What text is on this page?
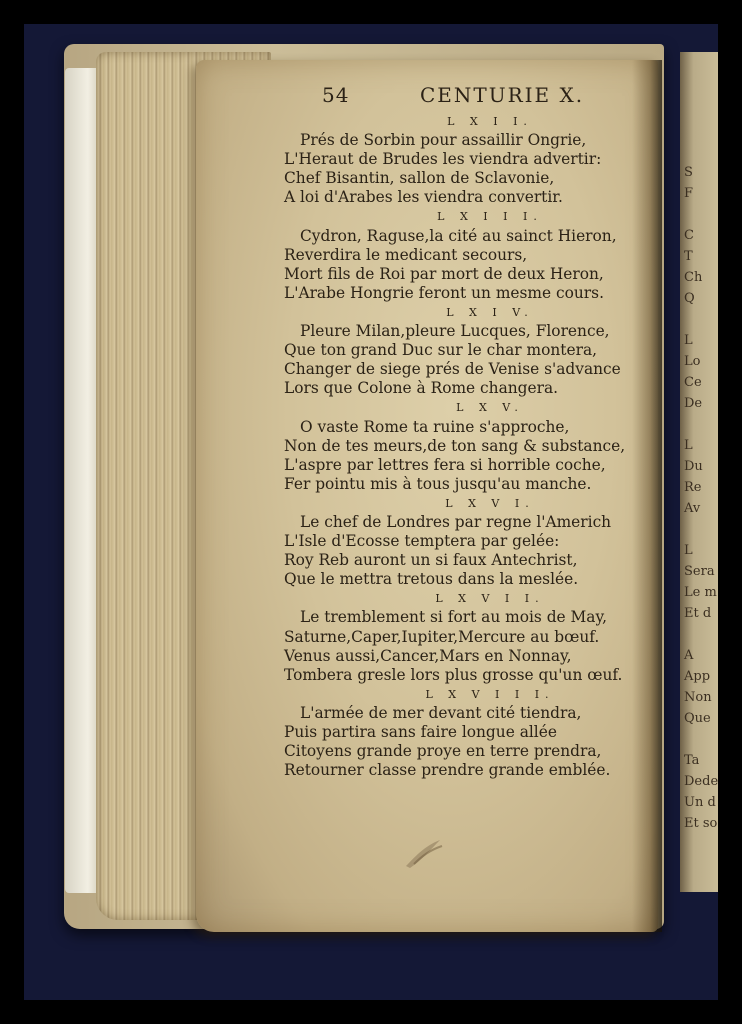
S
F

C
T
Ch
Q

L
Lo
Ce
De

L
Du
Re
Av

L
Sera
Le m
Et d

A
App
Non
Que

Ta
Dede
Un d
Et so
54	CENTURIE X.
L X I I.
Prés de Sorbin pour assaillir Ongrie,
L'Heraut de Brudes les viendra advertir:
Chef Bisantin, sallon de Sclavonie,
A loi d'Arabes les viendra convertir.
L X I I I.
Cydron, Raguse,la cité au sainct Hieron,
Reverdira le medicant secours,
Mort fils de Roi par mort de deux Heron,
L'Arabe Hongrie feront un mesme cours.
L X I V.
Pleure Milan,pleure Lucques, Florence,
Que ton grand Duc sur le char montera,
Changer de siege prés de Venise s'advance
Lors que Colone à Rome changera.
L X V.
O vaste Rome ta ruine s'approche,
Non de tes meurs,de ton sang & substance,
L'aspre par lettres fera si horrible coche,
Fer pointu mis à tous jusqu'au manche.
L X V I.
Le chef de Londres par regne l'Americh
L'Isle d'Ecosse temptera par gelée:
Roy Reb auront un si faux Antechrist,
Que le mettra tretous dans la meslée.
L X V I I.
Le tremblement si fort au mois de May,
Saturne,Caper,Iupiter,Mercure au bœuf.
Venus aussi,Cancer,Mars en Nonnay,
Tombera gresle lors plus grosse qu'un œuf.
L X V I I I.
L'armée de mer devant cité tiendra,
Puis partira sans faire longue allée
Citoyens grande proye en terre prendra,
Retourner classe prendre grande emblée.
